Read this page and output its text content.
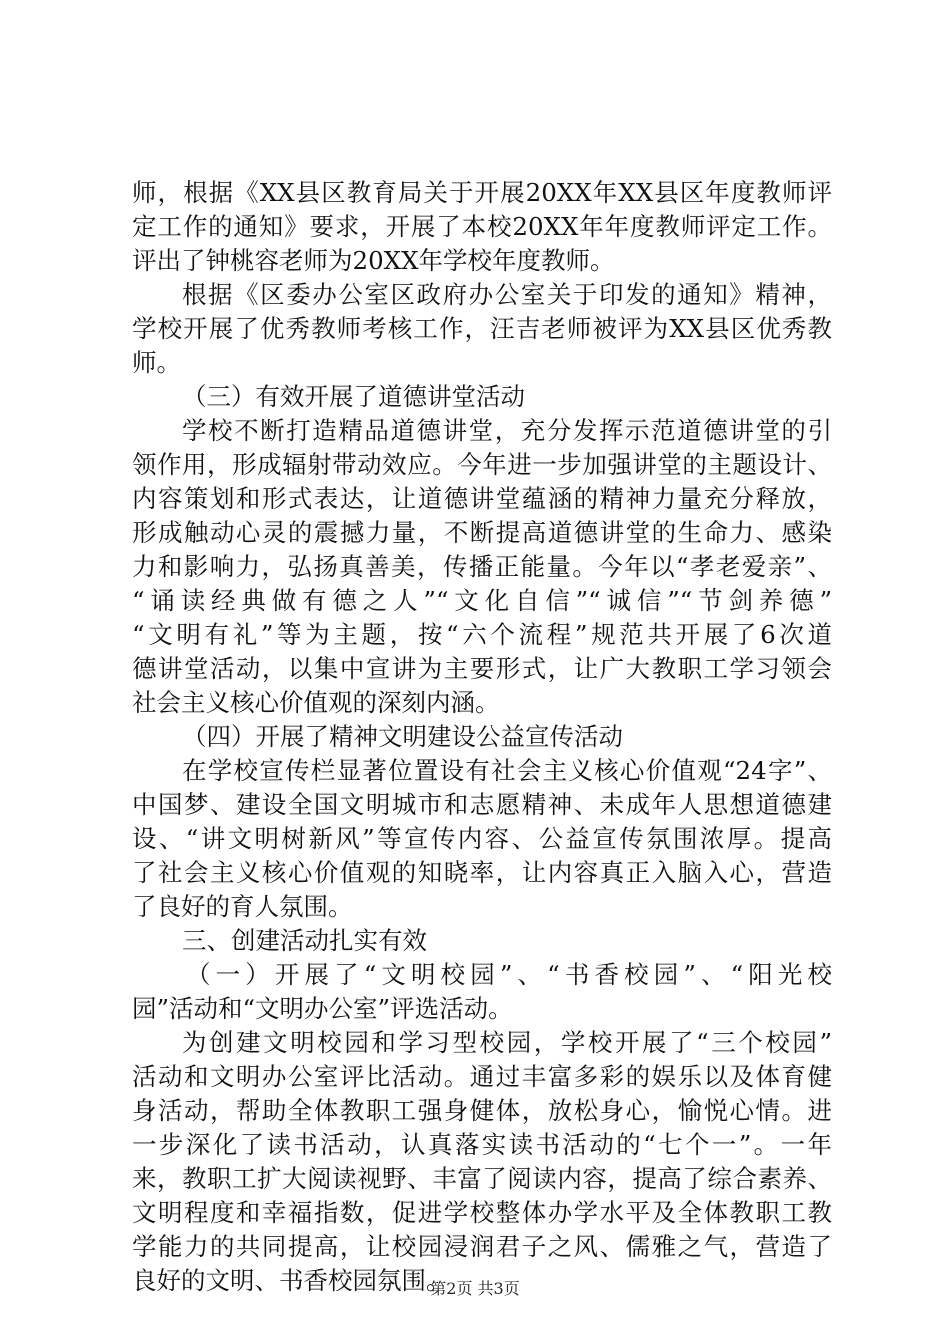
师，根据《XX县区教育局关于开展20XX年XX县区年度教师评
定工作的通知》要求，开展了本校20XX年年度教师评定工作。
评出了钟桃容老师为20XX年学校年度教师。
根据《区委办公室区政府办公室关于印发的通知》精神，
学校开展了优秀教师考核工作，汪吉老师被评为XX县区优秀教
师。
（三）有效开展了道德讲堂活动
学校不断打造精品道德讲堂，充分发挥示范道德讲堂的引
领作用，形成辐射带动效应。今年进一步加强讲堂的主题设计、
内容策划和形式表达，让道德讲堂蕴涵的精神力量充分释放，
形成触动心灵的震撼力量，不断提高道德讲堂的生命力、感染
力和影响力，弘扬真善美，传播正能量。今年以“孝老爱亲”、
“诵读经典做有德之人”“文化自信”“诚信”“节剑养德”
“文明有礼”等为主题，按“六个流程”规范共开展了6次道
德讲堂活动，以集中宣讲为主要形式，让广大教职工学习领会
社会主义核心价值观的深刻内涵。
（四）开展了精神文明建设公益宣传活动
在学校宣传栏显著位置设有社会主义核心价值观“24字”、
中国梦、建设全国文明城市和志愿精神、未成年人思想道德建
设、“讲文明树新风”等宣传内容、公益宣传氛围浓厚。提高
了社会主义核心价值观的知晓率，让内容真正入脑入心，营造
了良好的育人氛围。
三、创建活动扎实有效
（一）开展了“文明校园”、“书香校园”、“阳光校
园”活动和“文明办公室”评选活动。
为创建文明校园和学习型校园，学校开展了“三个校园”
活动和文明办公室评比活动。通过丰富多彩的娱乐以及体育健
身活动，帮助全体教职工强身健体，放松身心，愉悦心情。进
一步深化了读书活动，认真落实读书活动的“七个一”。一年
来，教职工扩大阅读视野、丰富了阅读内容，提高了综合素养、
文明程度和幸福指数，促进学校整体办学水平及全体教职工教
学能力的共同提高，让校园浸润君子之风、儒雅之气，营造了
良好的文明、书香校园氛围。
第2页 共3页
